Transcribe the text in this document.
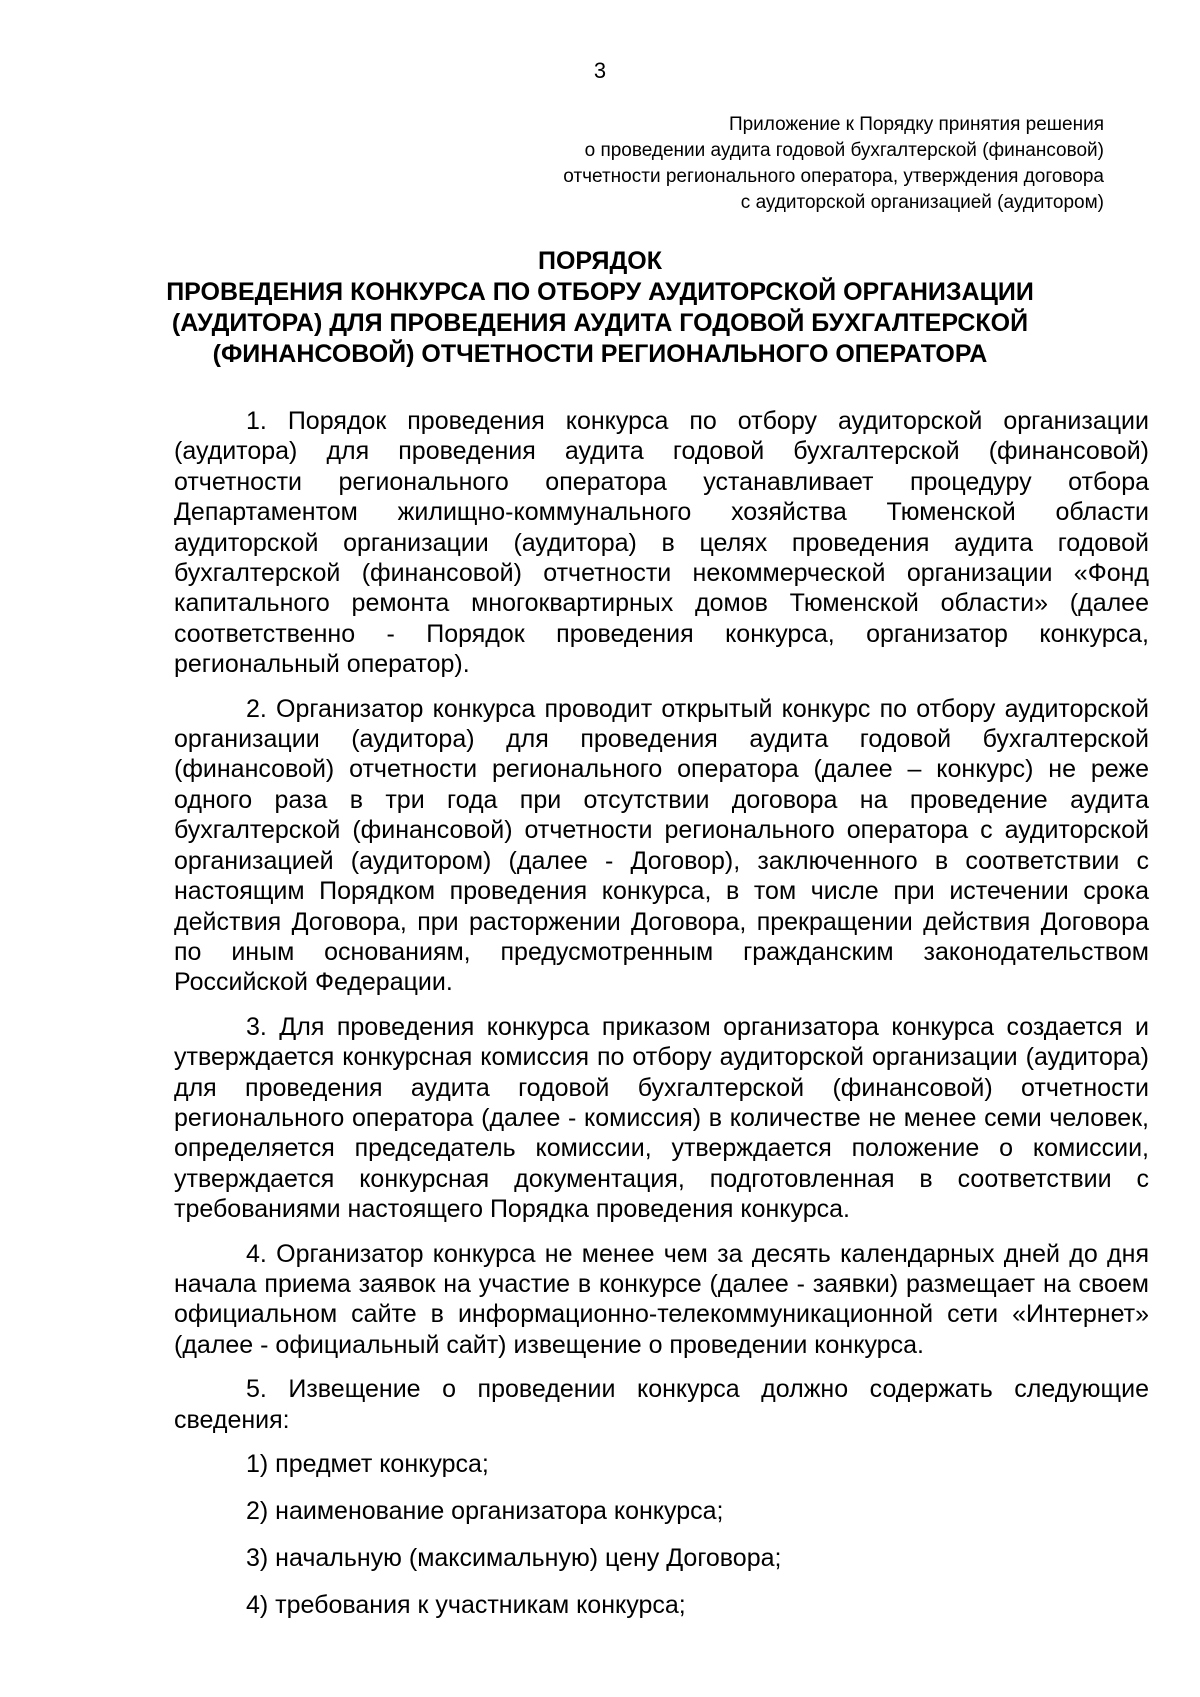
3
Приложение к Порядку принятия решения
о проведении аудита годовой бухгалтерской (финансовой)
отчетности регионального оператора, утверждения договора
с аудиторской организацией (аудитором)
ПОРЯДОК
ПРОВЕДЕНИЯ КОНКУРСА ПО ОТБОРУ АУДИТОРСКОЙ ОРГАНИЗАЦИИ
(АУДИТОРА) ДЛЯ ПРОВЕДЕНИЯ АУДИТА ГОДОВОЙ БУХГАЛТЕРСКОЙ
(ФИНАНСОВОЙ) ОТЧЕТНОСТИ РЕГИОНАЛЬНОГО ОПЕРАТОРА

1. Порядок проведения конкурса по отбору аудиторской организации (аудитора) для проведения аудита годовой бухгалтерской (финансовой) отчетности регионального оператора устанавливает процедуру отбора Департаментом жилищно-коммунального хозяйства Тюменской области аудиторской организации (аудитора) в целях проведения аудита годовой бухгалтерской (финансовой) отчетности некоммерческой организации «Фонд капитального ремонта многоквартирных домов Тюменской области» (далее соответственно - Порядок проведения конкурса, организатор конкурса, региональный оператор).

2. Организатор конкурса проводит открытый конкурс по отбору аудиторской организации (аудитора) для проведения аудита годовой бухгалтерской (финансовой) отчетности регионального оператора (далее – конкурс) не реже одного раза в три года при отсутствии договора на проведение аудита бухгалтерской (финансовой) отчетности регионального оператора с аудиторской организацией (аудитором) (далее - Договор), заключенного в соответствии с настоящим Порядком проведения конкурса, в том числе при истечении срока действия Договора, при расторжении Договора, прекращении действия Договора по иным основаниям, предусмотренным гражданским законодательством Российской Федерации.

3. Для проведения конкурса приказом организатора конкурса создается и утверждается конкурсная комиссия по отбору аудиторской организации (аудитора) для проведения аудита годовой бухгалтерской (финансовой) отчетности регионального оператора (далее - комиссия) в количестве не менее семи человек, определяется председатель комиссии, утверждается положение о комиссии, утверждается конкурсная документация, подготовленная в соответствии с требованиями настоящего Порядка проведения конкурса.

4. Организатор конкурса не менее чем за десять календарных дней до дня начала приема заявок на участие в конкурсе (далее - заявки) размещает на своем официальном сайте в информационно-телекоммуникационной сети «Интернет» (далее - официальный сайт) извещение о проведении конкурса.

5. Извещение о проведении конкурса должно содержать следующие сведения:

1) предмет конкурса;
2) наименование организатора конкурса;
3) начальную (максимальную) цену Договора;
4) требования к участникам конкурса;
